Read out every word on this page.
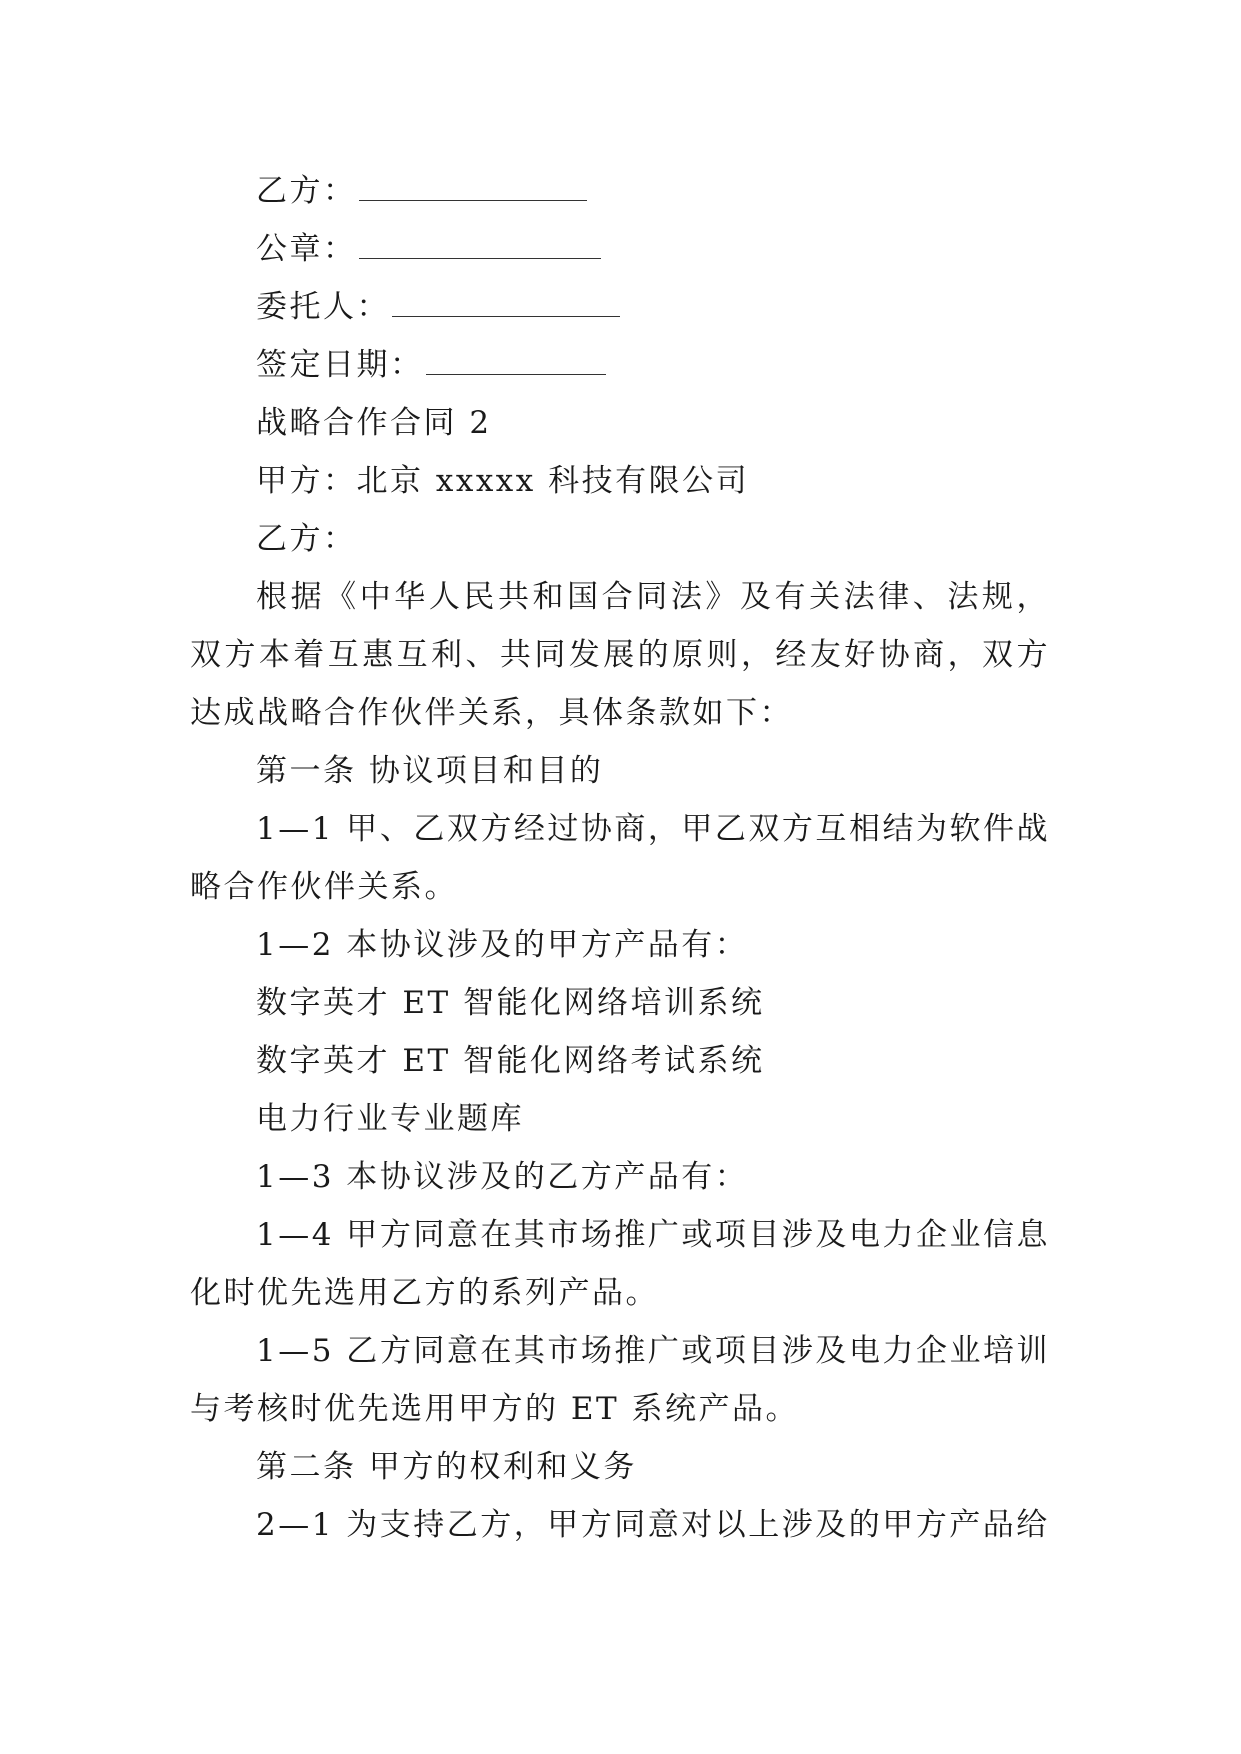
乙方：

公章：

委托人：

签定日期：

战略合作合同 2

甲方：北京 xxxxx 科技有限公司

乙方：

根据《中华人民共和国合同法》及有关法律、法规，双方本着互惠互利、共同发展的原则，经友好协商，双方达成战略合作伙伴关系，具体条款如下：

第一条 协议项目和目的

1—1 甲、乙双方经过协商，甲乙双方互相结为软件战略合作伙伴关系。

1—2 本协议涉及的甲方产品有：

数字英才 ET 智能化网络培训系统

数字英才 ET 智能化网络考试系统

电力行业专业题库

1—3 本协议涉及的乙方产品有：

1—4 甲方同意在其市场推广或项目涉及电力企业信息化时优先选用乙方的系列产品。

1—5 乙方同意在其市场推广或项目涉及电力企业培训与考核时优先选用甲方的 ET 系统产品。

第二条 甲方的权利和义务

2—1 为支持乙方，甲方同意对以上涉及的甲方产品给
